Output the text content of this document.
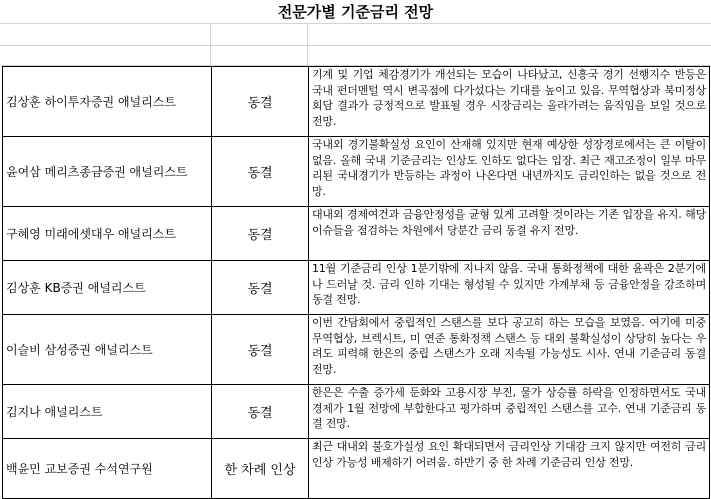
전문가별 기준금리 전망
김상훈 하이투자증권 애널리스트	동결	기계 및 기업 체감경기가 개선되는 모습이 나타났고, 신흥국 경기 선행지수 반등은 국내 펀더멘털 역시 변곡점에 다가섰다는 기대를 높이고 있음. 무역협상과 북미정상회담 결과가 긍정적으로 발표될 경우 시장금리는 올라가려는 움직임을 보일 것으로 전망.
윤여삼 메리츠종금증권 애널리스트	동결	국내외 경기불확실성 요인이 산재해 있지만 현재 예상한 성장경로에서는 큰 이탈이 없음. 올해 국내 기준금리는 인상도 인하도 없다는 입장. 최근 재고조정이 일부 마무리된 국내경기가 반등하는 과정이 나온다면 내년까지도 금리인하는 없을 것으로 전망.
구혜영 미래에셋대우 애널리스트	동결	대내외 경제여건과 금융안정성을 균형 있게 고려할 것이라는 기존 입장을 유지. 해당 이슈들을 점검하는 차원에서 당분간 금리 동결 유지 전망.
김상훈 KB증권 애널리스트	동결	11월 기준금리 인상 1분기밖에 지나지 않음. 국내 통화정책에 대한 윤곽은 2분기에나 드러날 것. 금리 인하 기대는 형성될 수 있지만 가계부채 등 금융안정을 강조하며 동결 전망.
이슬비 삼성증권 애널리스트	동결	이번 간담회에서 중립적인 스탠스를 보다 공고히 하는 모습을 보였음. 여기에 미중 무역협상, 브렉시트, 미 연준 통화정책 스탠스 등 대외 불확실성이 상당히 높다는 우려도 피력해 한은의 중립 스탠스가 오래 지속될 가능성도 시사. 연내 기준금리 동결 전망.
김지나 애널리스트	동결	한은은 수출 증가세 둔화와 고용시장 부진, 물가 상승률 하락을 인정하면서도 국내 경제가 1월 전망에 부합한다고 평가하며 중립적인 스탠스를 고수. 연내 기준금리 동결 전망.
백윤민 교보증권 수석연구원	한 차례 인상	최근 대내외 불호가실성 요인 확대되면서 금리인상 기대감 크지 않지만 여전히 금리인상 가능성 배제하기 어려움. 하반기 중 한 차례 기준금리 인상 전망.
